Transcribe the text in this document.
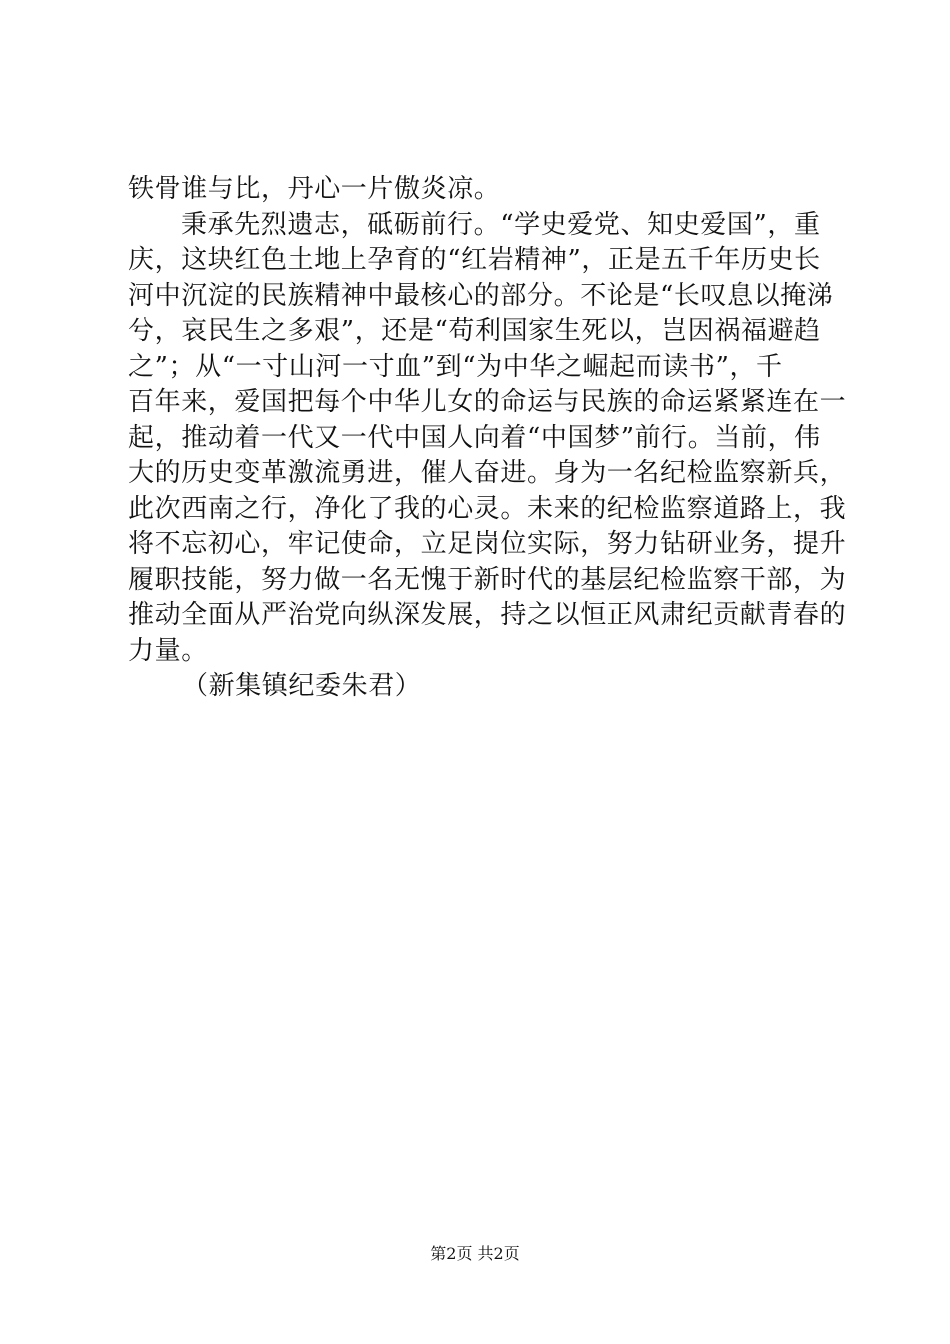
铁骨谁与比，丹心一片傲炎凉。
秉承先烈遗志，砥砺前行。“学史爱党、知史爱国”，重
庆，这块红色土地上孕育的“红岩精神”，正是五千年历史长
河中沉淀的民族精神中最核心的部分。不论是“长叹息以掩涕
兮，哀民生之多艰”，还是“苟利国家生死以，岂因祸福避趋
之”；从“一寸山河一寸血”到“为中华之崛起而读书”，千
百年来，爱国把每个中华儿女的命运与民族的命运紧紧连在一
起，推动着一代又一代中国人向着“中国梦”前行。当前，伟
大的历史变革激流勇进，催人奋进。身为一名纪检监察新兵，
此次西南之行，净化了我的心灵。未来的纪检监察道路上，我
将不忘初心，牢记使命，立足岗位实际，努力钻研业务，提升
履职技能，努力做一名无愧于新时代的基层纪检监察干部，为
推动全面从严治党向纵深发展，持之以恒正风肃纪贡献青春的
力量。
（新集镇纪委朱君）
第2页 共2页
